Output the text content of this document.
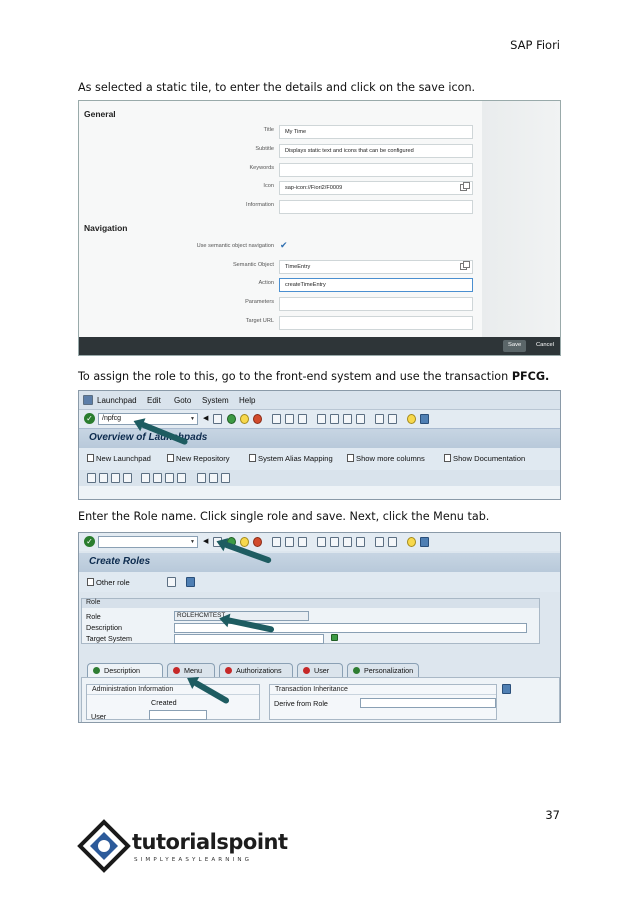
SAP Fiori
As selected a static tile, to enter the details and click on the save icon.
General
Title	My Time
Subtitle	Displays static text and icons that can be configured
Keywords
Icon	sap-icon://Fiori2/F0009
Information
Navigation
Use semantic object navigation ✔
Semantic Object	TimeEntry
Action	createTimeEntry
Parameters
Target URL
Save	Cancel
To assign the role to this, go to the front-end system and use the transaction PFCG.
Launchpad Edit Goto System Help
✓	/npfcg	▼ ◀
Overview of Launchpads
New Launchpad	New Repository	System Alias Mapping	Show more columns	Show Documentation
Enter the Role name. Click single role and save. Next, click the Menu tab.
✓	▼ ◀
Create Roles
Other role
Role
Role	ROLEHCMTEST
Description
Target System
Description	Menu	Authorizations	User	Personalization
Administration Information
Created
User
Transaction Inheritance
Derive from Role
37
tutorialspoint
SIMPLYEASYLEARNING
